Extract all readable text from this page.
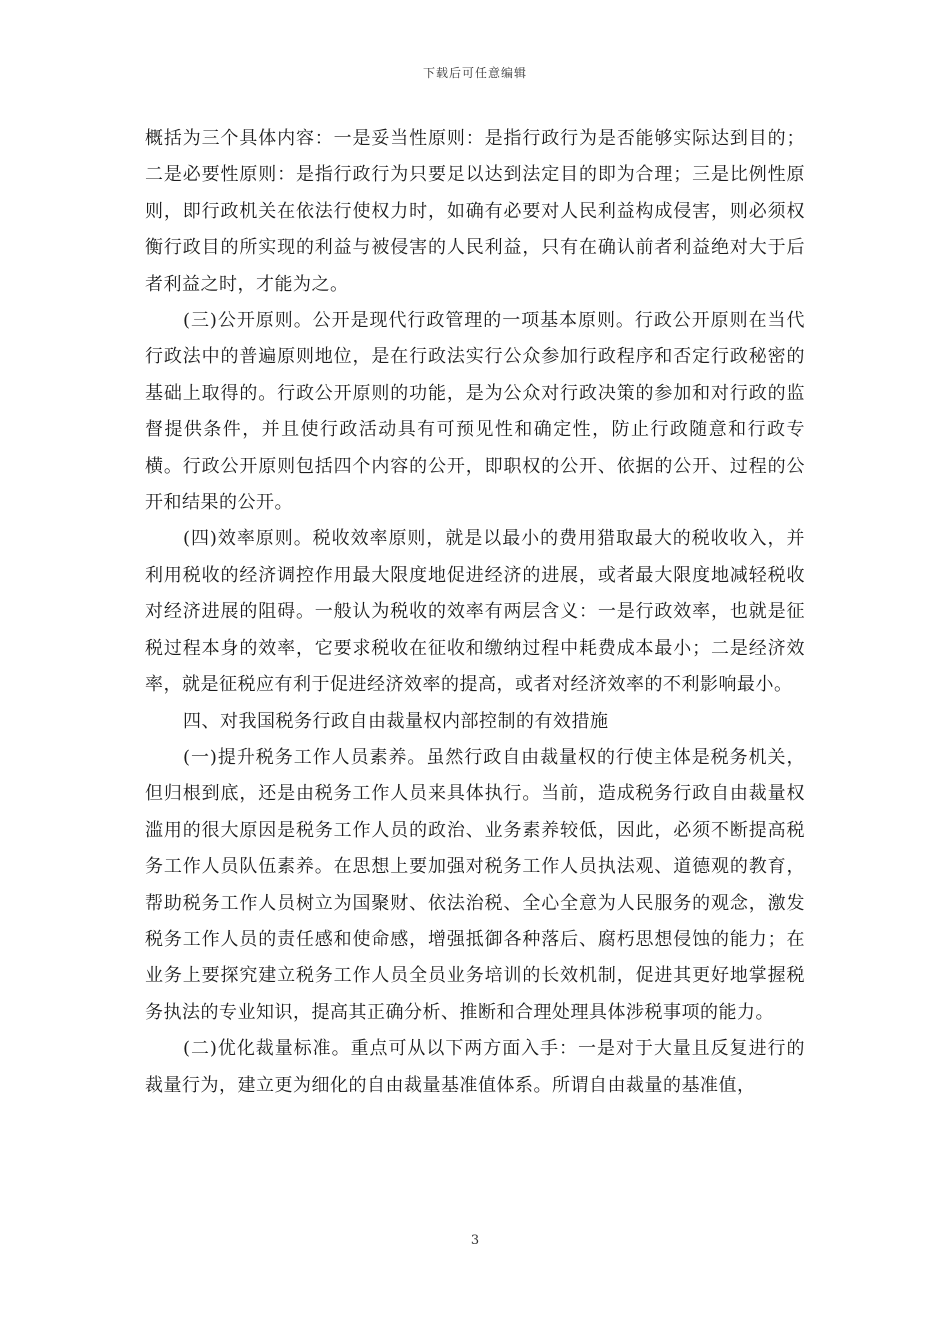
下载后可任意编辑

概括为三个具体内容：一是妥当性原则：是指行政行为是否能够实际达到目的；二是必要性原则：是指行政行为只要足以达到法定目的即为合理；三是比例性原则，即行政机关在依法行使权力时，如确有必要对人民利益构成侵害，则必须权衡行政目的所实现的利益与被侵害的人民利益，只有在确认前者利益绝对大于后者利益之时，才能为之。

(三)公开原则。公开是现代行政管理的一项基本原则。行政公开原则在当代行政法中的普遍原则地位，是在行政法实行公众参加行政程序和否定行政秘密的基础上取得的。行政公开原则的功能，是为公众对行政决策的参加和对行政的监督提供条件，并且使行政活动具有可预见性和确定性，防止行政随意和行政专横。行政公开原则包括四个内容的公开，即职权的公开、依据的公开、过程的公开和结果的公开。

(四)效率原则。税收效率原则，就是以最小的费用猎取最大的税收收入，并利用税收的经济调控作用最大限度地促进经济的进展，或者最大限度地减轻税收对经济进展的阻碍。一般认为税收的效率有两层含义：一是行政效率，也就是征税过程本身的效率，它要求税收在征收和缴纳过程中耗费成本最小；二是经济效率，就是征税应有利于促进经济效率的提高，或者对经济效率的不利影响最小。

四、对我国税务行政自由裁量权内部控制的有效措施

(一)提升税务工作人员素养。虽然行政自由裁量权的行使主体是税务机关，但归根到底，还是由税务工作人员来具体执行。当前，造成税务行政自由裁量权滥用的很大原因是税务工作人员的政治、业务素养较低，因此，必须不断提高税务工作人员队伍素养。在思想上要加强对税务工作人员执法观、道德观的教育，帮助税务工作人员树立为国聚财、依法治税、全心全意为人民服务的观念，激发税务工作人员的责任感和使命感，增强抵御各种落后、腐朽思想侵蚀的能力；在业务上要探究建立税务工作人员全员业务培训的长效机制，促进其更好地掌握税务执法的专业知识，提高其正确分析、推断和合理处理具体涉税事项的能力。

(二)优化裁量标准。重点可从以下两方面入手：一是对于大量且反复进行的裁量行为，建立更为细化的自由裁量基准值体系。所谓自由裁量的基准值，

3
